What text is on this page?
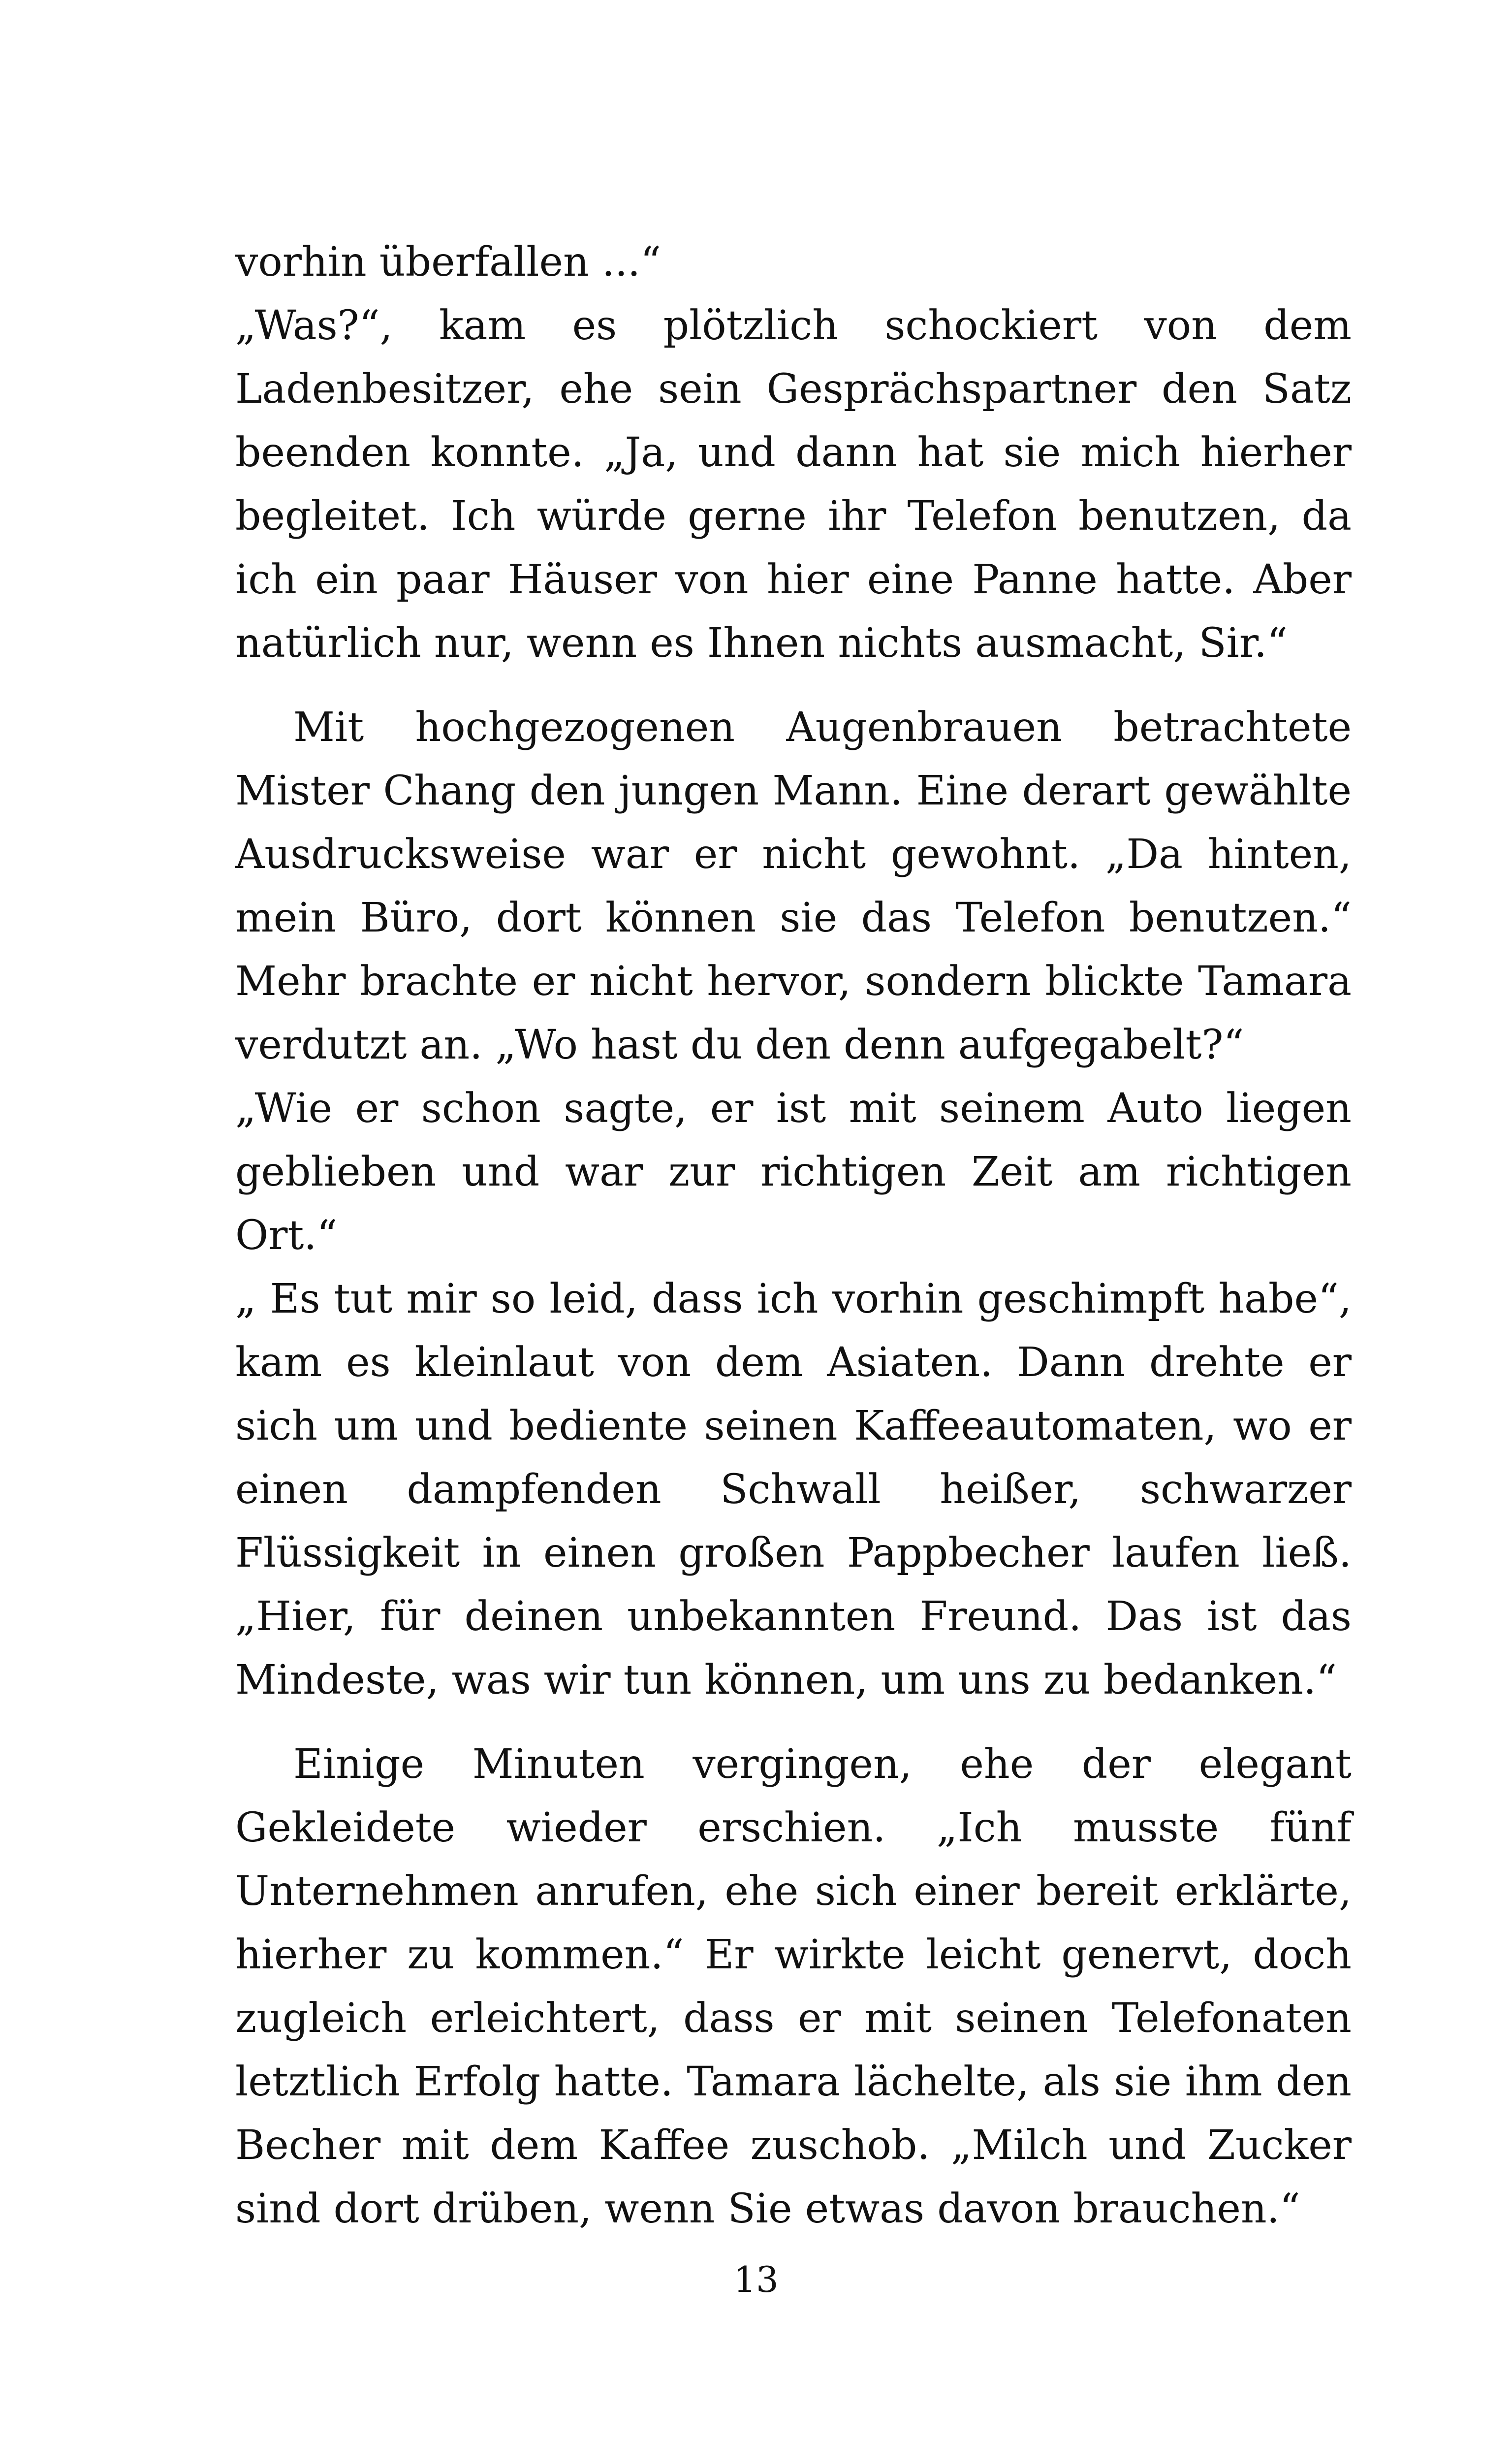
vorhin überfallen ...“

„Was?“, kam es plötzlich schockiert von dem Ladenbesitzer, ehe sein Gesprächspartner den Satz beenden konnte. „Ja, und dann hat sie mich hierher begleitet. Ich würde gerne ihr Telefon benutzen, da ich ein paar Häuser von hier eine Panne hatte. Aber natürlich nur, wenn es Ihnen nichts ausmacht, Sir.“

Mit hochgezogenen Augenbrauen betrachtete Mister Chang den jungen Mann. Eine derart gewählte Ausdrucksweise war er nicht gewohnt. „Da hinten, mein Büro, dort können sie das Telefon benutzen.“ Mehr brachte er nicht hervor, sondern blickte Tamara verdutzt an. „Wo hast du den denn aufgegabelt?“

„Wie er schon sagte, er ist mit seinem Auto liegen geblieben und war zur richtigen Zeit am richtigen Ort.“

„ Es tut mir so leid, dass ich vorhin geschimpft habe“, kam es kleinlaut von dem Asiaten. Dann drehte er sich um und bediente seinen Kaffeeautomaten, wo er einen dampfenden Schwall heißer, schwarzer Flüssigkeit in einen großen Pappbecher laufen ließ. „Hier, für deinen unbekannten Freund. Das ist das Mindeste, was wir tun können, um uns zu bedanken.“

Einige Minuten vergingen, ehe der elegant Gekleidete wieder erschien. „Ich musste fünf Unternehmen anrufen, ehe sich einer bereit erklärte, hierher zu kommen.“ Er wirkte leicht genervt, doch zugleich erleichtert, dass er mit seinen Telefonaten letztlich Erfolg hatte. Tamara lächelte, als sie ihm den Becher mit dem Kaffee zuschob. „Milch und Zucker sind dort drüben, wenn Sie etwas davon brauchen.“

13
